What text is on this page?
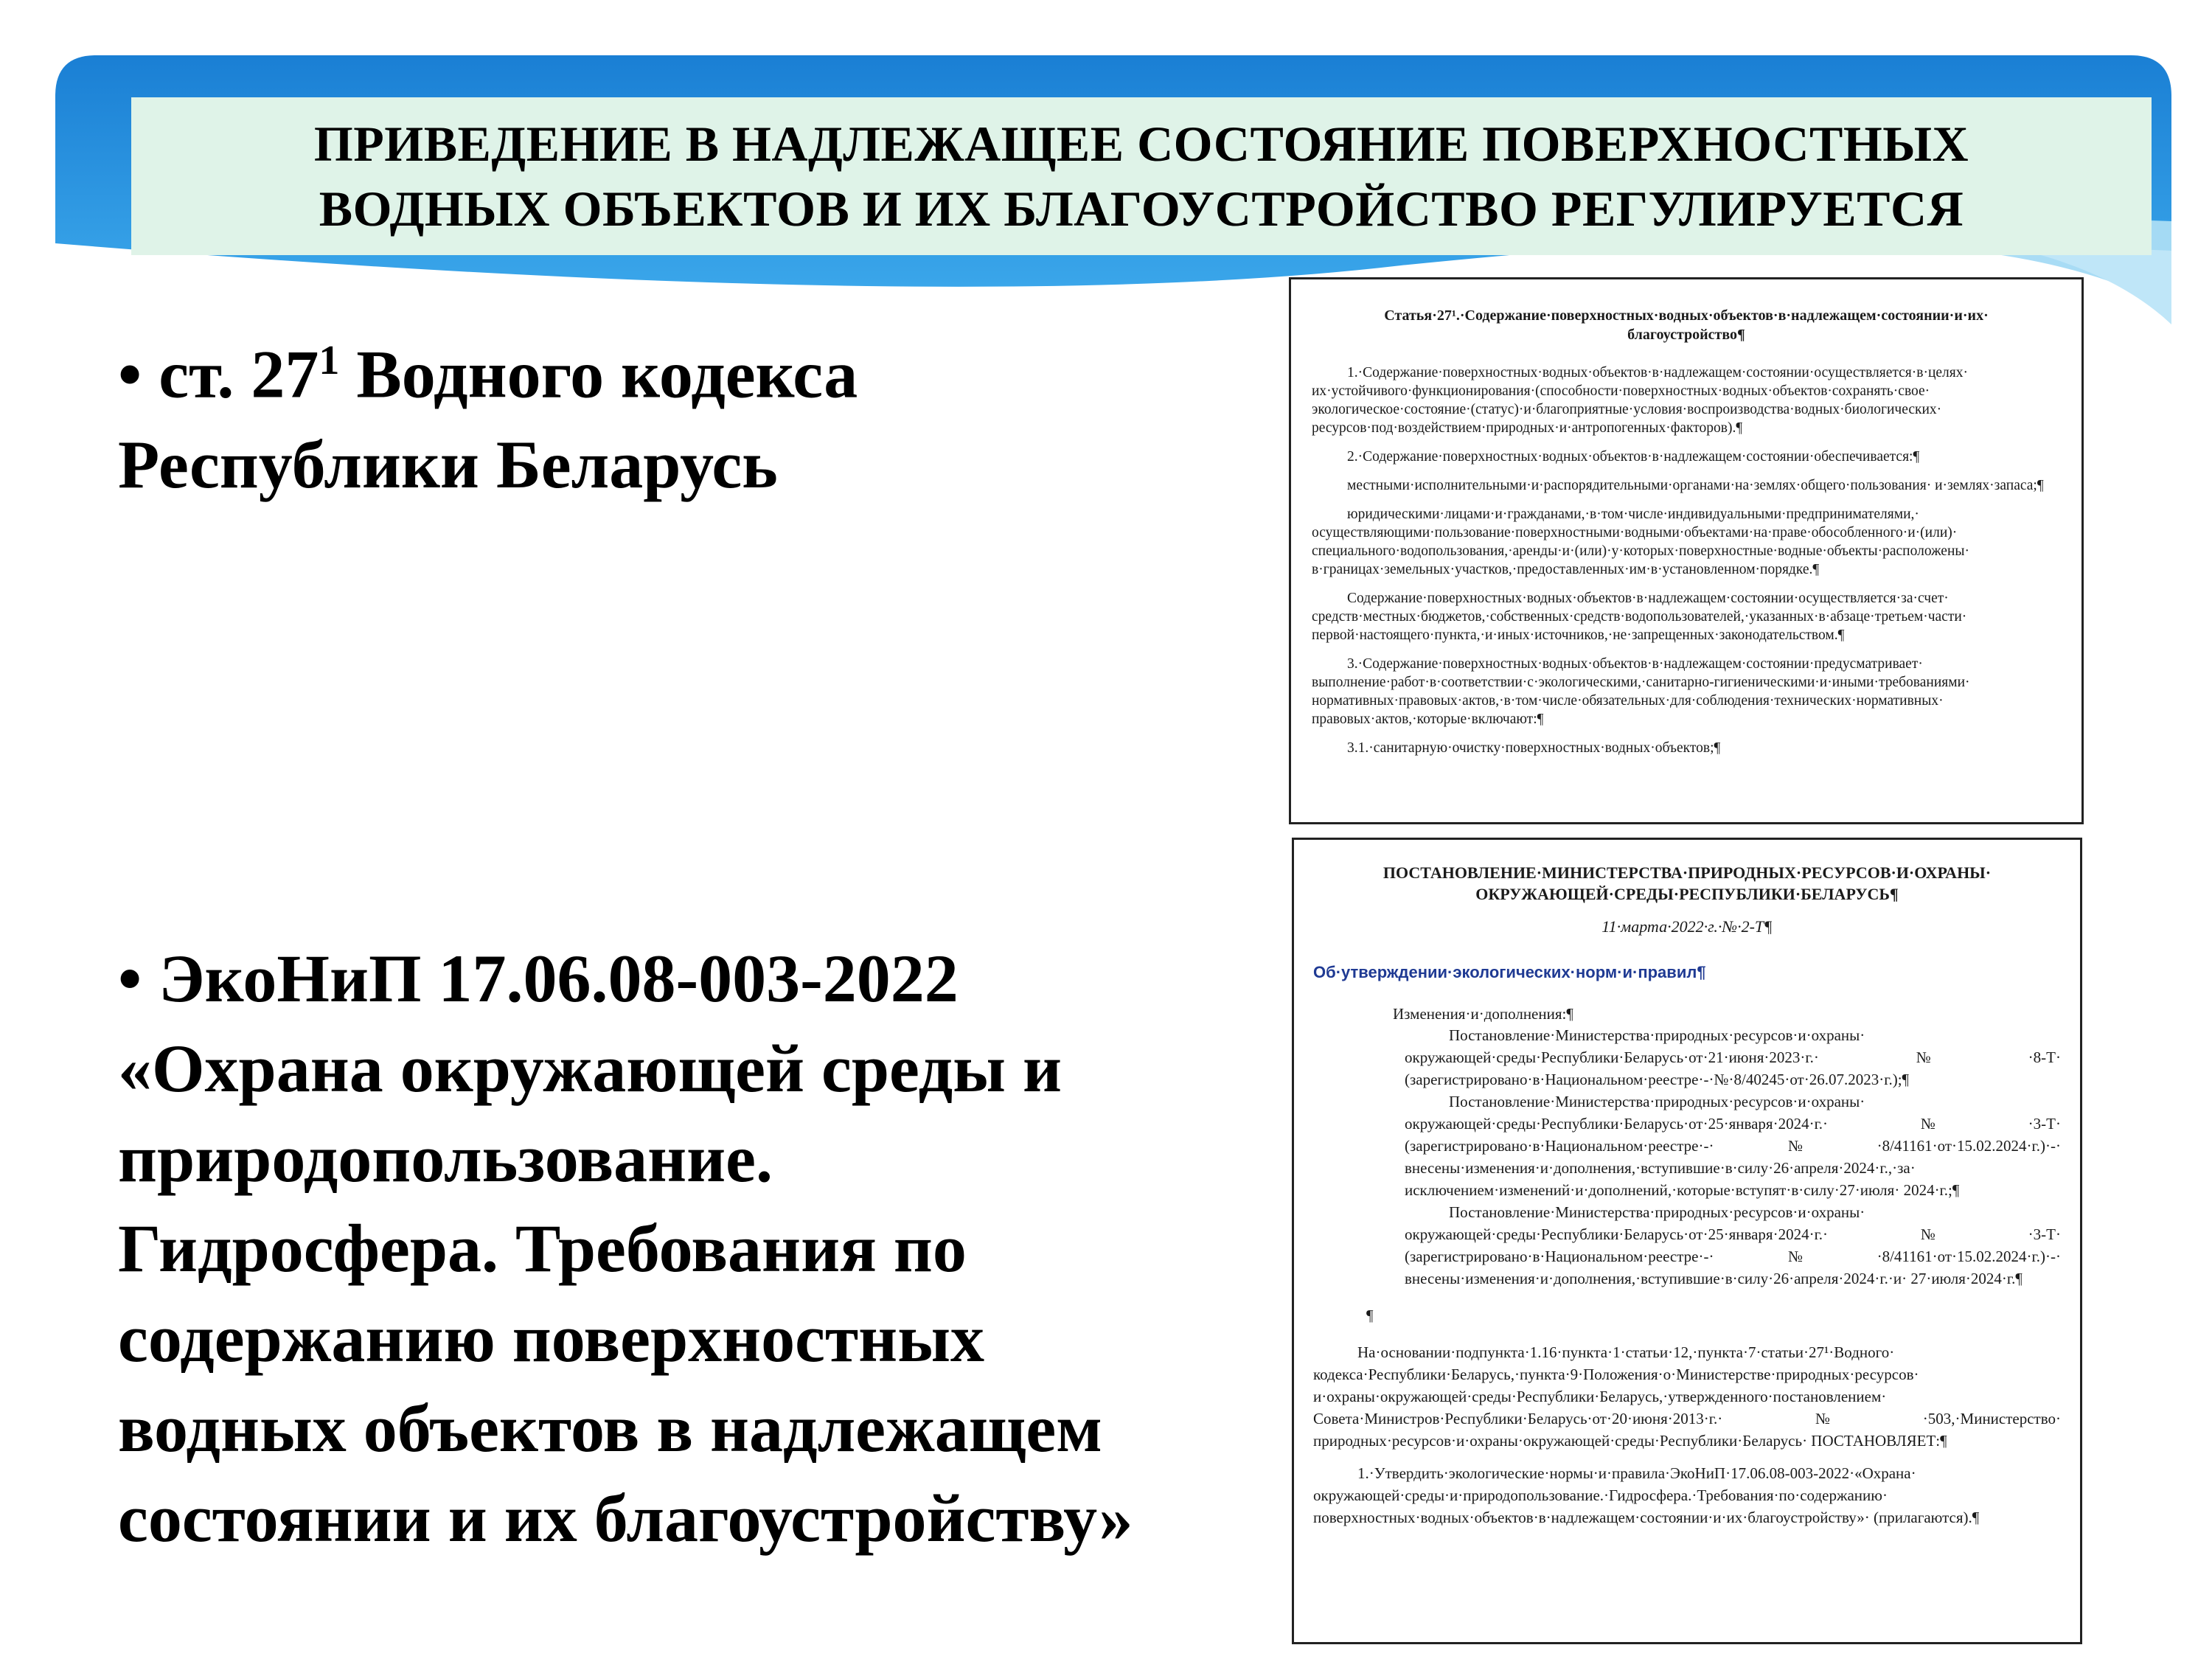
ПРИВЕДЕНИЕ В НАДЛЕЖАЩЕЕ СОСТОЯНИЕ ПОВЕРХНОСТНЫХ
ВОДНЫХ ОБЪЕКТОВ И ИХ БЛАГОУСТРОЙСТВО РЕГУЛИРУЕТСЯ
• ст. $27^1$ Водного кодекса
Республики Беларусь
• ЭкоНиП 17.06.08-003-2022
«Охрана окружающей среды и
природопользование.
Гидросфера. Требования по
содержанию поверхностных
водных объектов в надлежащем
состоянии и их благоустройству»
Статья·27¹.·Содержание·поверхностных·водных·объектов·в·надлежащем·состоянии·и·их· благоустройство¶
1.·Содержание·поверхностных·водных·объектов·в·надлежащем·состоянии·осуществляется·в·целях· их·устойчивого·функционирования·(способности·поверхностных·водных·объектов·сохранять·свое· экологическое·состояние·(статус)·и·благоприятные·условия·воспроизводства·водных·биологических· ресурсов·под·воздействием·природных·и·антропогенных·факторов).¶
2.·Содержание·поверхностных·водных·объектов·в·надлежащем·состоянии·обеспечивается:¶
местными·исполнительными·и·распорядительными·органами·на·землях·общего·пользования· и·землях·запаса;¶
юридическими·лицами·и·гражданами,·в·том·числе·индивидуальными·предпринимателями,· осуществляющими·пользование·поверхностными·водными·объектами·на·праве·обособленного·и·(или)· специального·водопользования,·аренды·и·(или)·у·которых·поверхностные·водные·объекты·расположены· в·границах·земельных·участков,·предоставленных·им·в·установленном·порядке.¶
Содержание·поверхностных·водных·объектов·в·надлежащем·состоянии·осуществляется·за·счет· средств·местных·бюджетов,·собственных·средств·водопользователей,·указанных·в·абзаце·третьем·части· первой·настоящего·пункта,·и·иных·источников,·не·запрещенных·законодательством.¶
3.·Содержание·поверхностных·водных·объектов·в·надлежащем·состоянии·предусматривает· выполнение·работ·в·соответствии·с·экологическими,·санитарно-гигиеническими·и·иными·требованиями· нормативных·правовых·актов,·в·том·числе·обязательных·для·соблюдения·технических·нормативных· правовых·актов,·которые·включают:¶
3.1.·санитарную·очистку·поверхностных·водных·объектов;¶
ПОСТАНОВЛЕНИЕ·МИНИСТЕРСТВА·ПРИРОДНЫХ·РЕСУРСОВ·И·ОХРАНЫ· ОКРУЖАЮЩЕЙ·СРЕДЫ·РЕСПУБЛИКИ·БЕЛАРУСЬ¶
11·марта·2022·г.·№·2-Т¶
Об·утверждении·экологических·норм·и·правил¶
Изменения·и·дополнения:¶
Постановление·Министерства·природных·ресурсов·и·охраны· окружающей·среды·Республики·Беларусь·от·21·июня·2023·г.·№·8-Т· (зарегистрировано·в·Национальном·реестре·-·№·8/40245·от·26.07.2023·г.);¶
Постановление·Министерства·природных·ресурсов·и·охраны· окружающей·среды·Республики·Беларусь·от·25·января·2024·г.·№·3-Т· (зарегистрировано·в·Национальном·реестре·-·№·8/41161·от·15.02.2024·г.)·-· внесены·изменения·и·дополнения,·вступившие·в·силу·26·апреля·2024·г.,·за· исключением·изменений·и·дополнений,·которые·вступят·в·силу·27·июля· 2024·г.;¶
Постановление·Министерства·природных·ресурсов·и·охраны· окружающей·среды·Республики·Беларусь·от·25·января·2024·г.·№·3-Т· (зарегистрировано·в·Национальном·реестре·-·№·8/41161·от·15.02.2024·г.)·-· внесены·изменения·и·дополнения,·вступившие·в·силу·26·апреля·2024·г.·и· 27·июля·2024·г.¶
¶
На·основании·подпункта·1.16·пункта·1·статьи·12,·пункта·7·статьи·27¹·Водного· кодекса·Республики·Беларусь,·пункта·9·Положения·о·Министерстве·природных·ресурсов· и·охраны·окружающей·среды·Республики·Беларусь,·утвержденного·постановлением· Совета·Министров·Республики·Беларусь·от·20·июня·2013·г.·№·503,·Министерство· природных·ресурсов·и·охраны·окружающей·среды·Республики·Беларусь· ПОСТАНОВЛЯЕТ:¶
1.·Утвердить·экологические·нормы·и·правила·ЭкоНиП·17.06.08-003-2022·«Охрана· окружающей·среды·и·природопользование.·Гидросфера.·Требования·по·содержанию· поверхностных·водных·объектов·в·надлежащем·состоянии·и·их·благоустройству»· (прилагаются).¶
